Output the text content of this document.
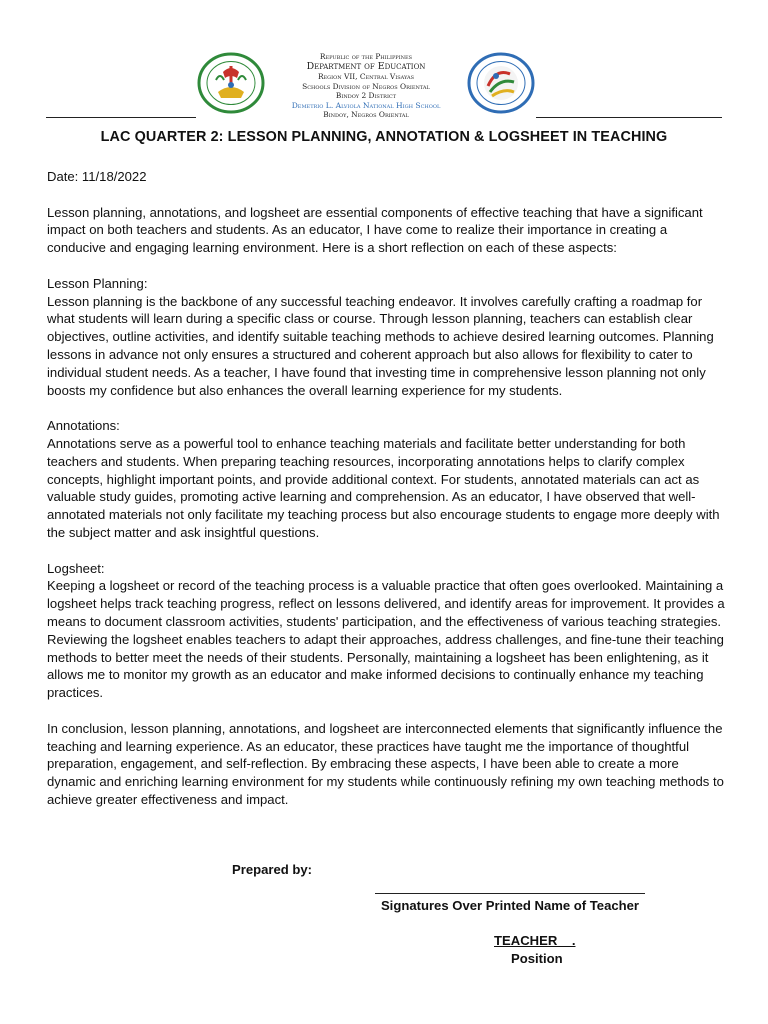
Republic of the Philippines
Department of Education
Region VII, Central Visayas
Schools Division of Negros Oriental
Bindoy 2 District
Demetrio L. Alviola National High School
Bindoy, Negros Oriental
LAC QUARTER 2: LESSON PLANNING, ANNOTATION & LOGSHEET IN TEACHING

Date: 11/18/2022

Lesson planning, annotations, and logsheet are essential components of effective teaching that have a significant impact on both teachers and students. As an educator, I have come to realize their importance in creating a conducive and engaging learning environment. Here is a short reflection on each of these aspects:

Lesson Planning:

Lesson planning is the backbone of any successful teaching endeavor. It involves carefully crafting a roadmap for what students will learn during a specific class or course. Through lesson planning, teachers can establish clear objectives, outline activities, and identify suitable teaching methods to achieve desired learning outcomes. Planning lessons in advance not only ensures a structured and coherent approach but also allows for flexibility to cater to individual student needs. As a teacher, I have found that investing time in comprehensive lesson planning not only boosts my confidence but also enhances the overall learning experience for my students.

Annotations:

Annotations serve as a powerful tool to enhance teaching materials and facilitate better understanding for both teachers and students. When preparing teaching resources, incorporating annotations helps to clarify complex concepts, highlight important points, and provide additional context. For students, annotated materials can act as valuable study guides, promoting active learning and comprehension. As an educator, I have observed that well-annotated materials not only facilitate my teaching process but also encourage students to engage more deeply with the subject matter and ask insightful questions.

Logsheet:

Keeping a logsheet or record of the teaching process is a valuable practice that often goes overlooked. Maintaining a logsheet helps track teaching progress, reflect on lessons delivered, and identify areas for improvement. It provides a means to document classroom activities, students' participation, and the effectiveness of various teaching strategies. Reviewing the logsheet enables teachers to adapt their approaches, address challenges, and fine-tune their teaching methods to better meet the needs of their students. Personally, maintaining a logsheet has been enlightening, as it allows me to monitor my growth as an educator and make informed decisions to continually enhance my teaching practices.

In conclusion, lesson planning, annotations, and logsheet are interconnected elements that significantly influence the teaching and learning experience. As an educator, these practices have taught me the importance of thoughtful preparation, engagement, and self-reflection. By embracing these aspects, I have been able to create a more dynamic and enriching learning environment for my students while continuously refining my own teaching methods to achieve greater effectiveness and impact.

Prepared by:
Signatures Over Printed Name of Teacher
TEACHER    .
Position
